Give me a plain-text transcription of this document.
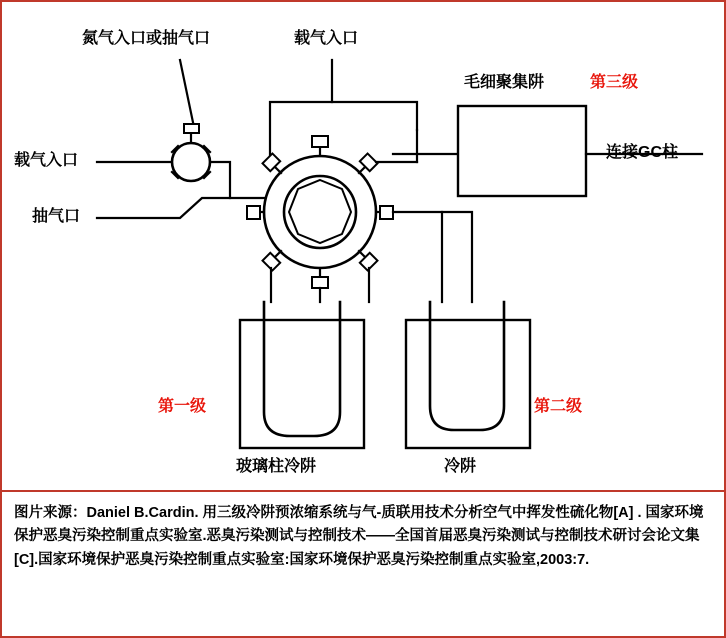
氮气入口或抽气口	载气入口
载气入口
抽气口
毛细聚集阱	第三级
连接GC柱
第一级	第二级
玻璃柱冷阱	冷阱
图片来源：Daniel B.Cardin. 用三级冷阱预浓缩系统与气-质联用技术分析空气中挥发性硫化物[A] . 国家环境保护恶臭污染控制重点实验室.恶臭污染测试与控制技术——全国首届恶臭污染测试与控制技术研讨会论文集[C].国家环境保护恶臭污染控制重点实验室:国家环境保护恶臭污染控制重点实验室,2003:7.
